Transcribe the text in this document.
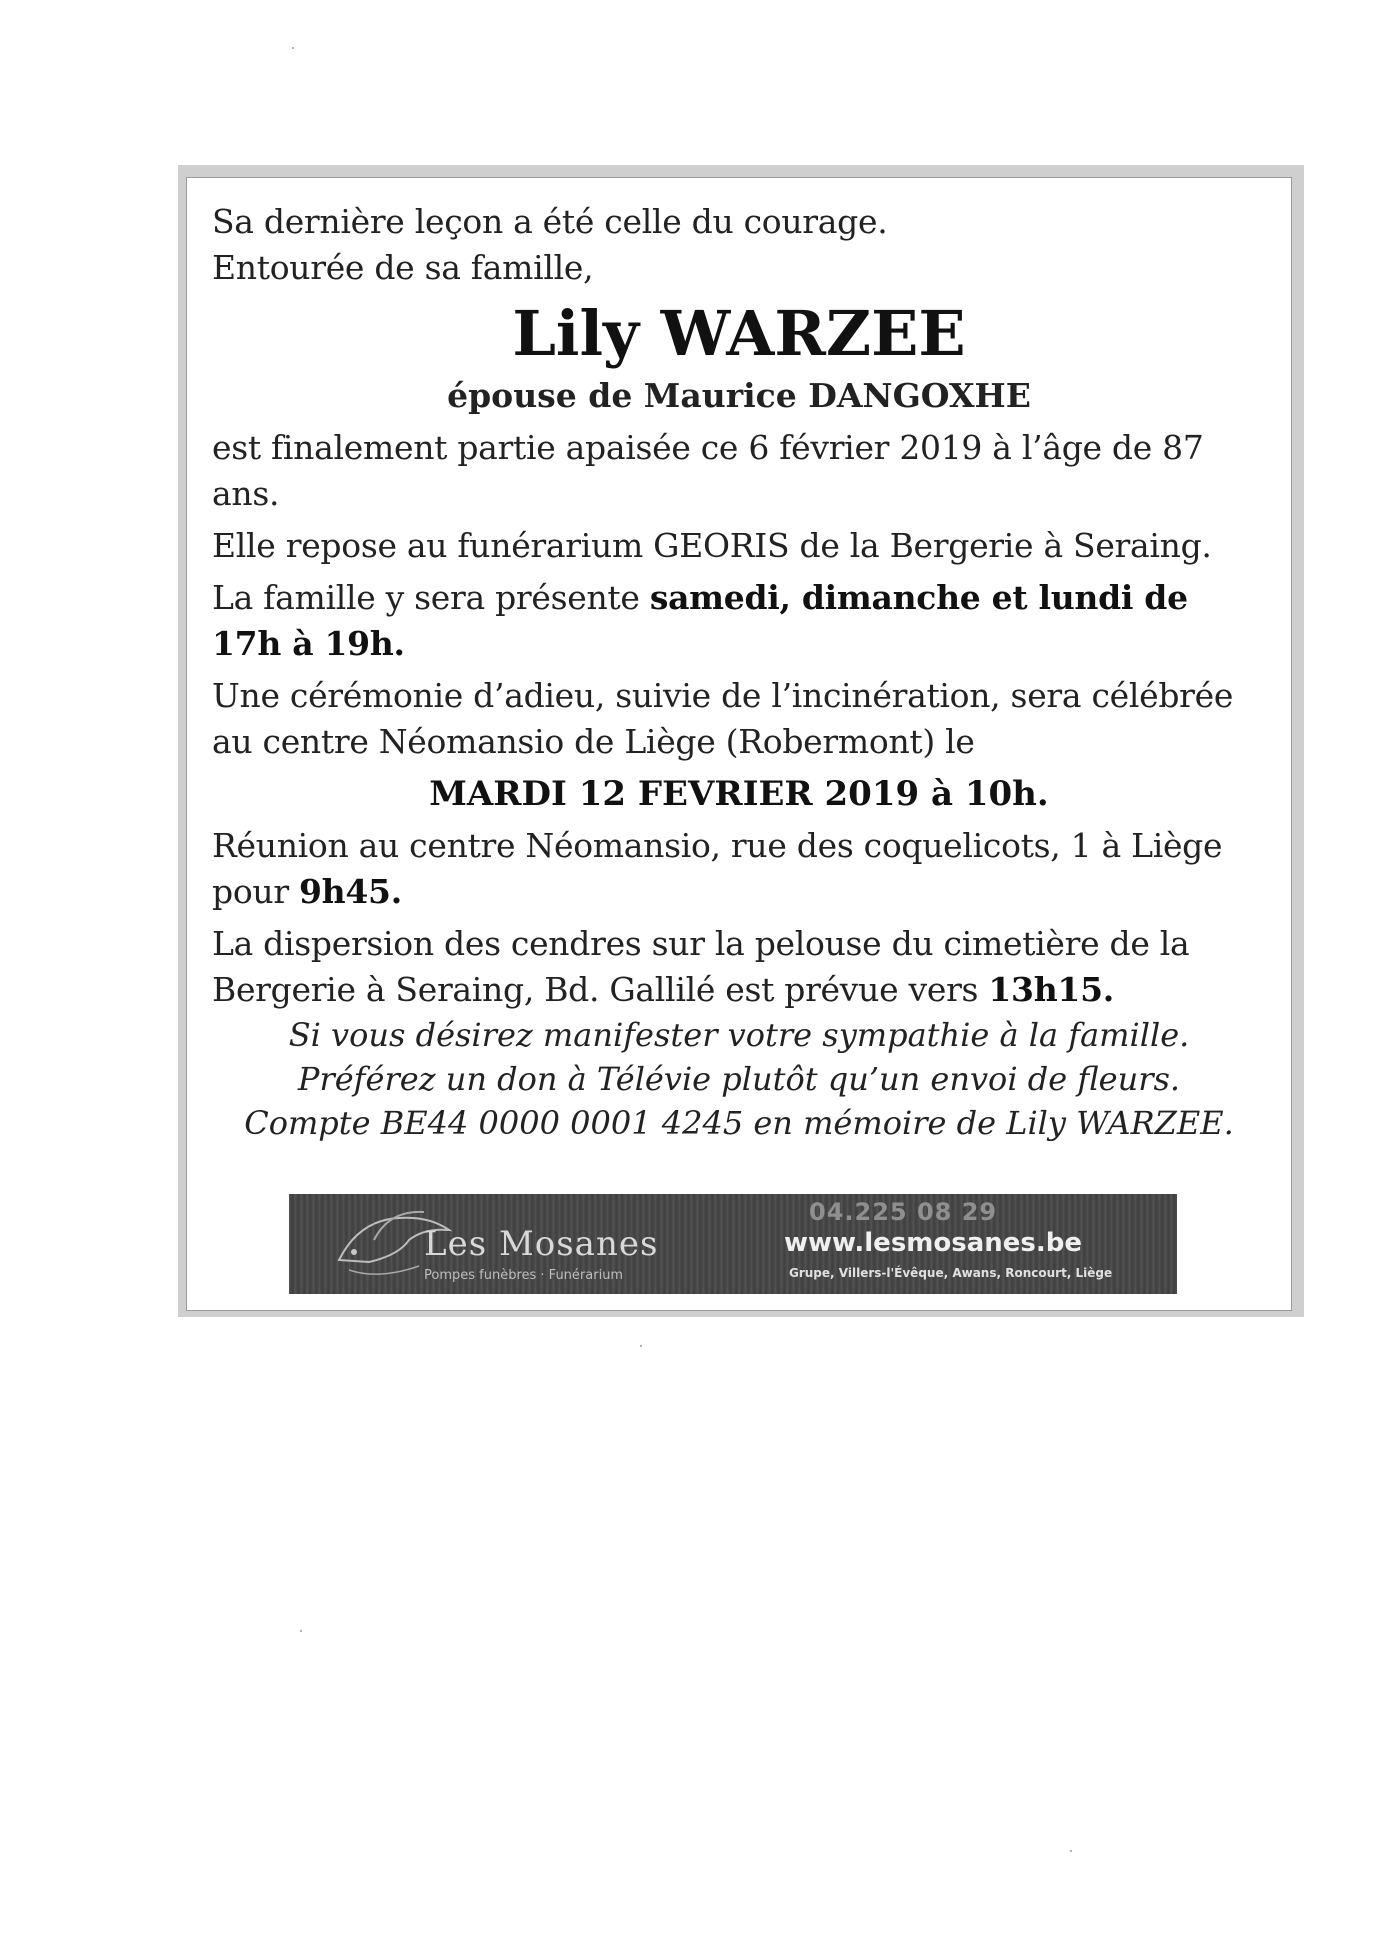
Sa dernière leçon a été celle du courage.

Entourée de sa famille,

Lily WARZEE

épouse de Maurice DANGOXHE

est finalement partie apaisée ce 6 février 2019 à l’âge de 87

ans.

Elle repose au funérarium GEORIS de la Bergerie à Seraing.

La famille y sera présente samedi, dimanche et lundi de

17h à 19h.

Une cérémonie d’adieu, suivie de l’incinération, sera célébrée

au centre Néomansio de Liège (Robermont) le

MARDI 12 FEVRIER 2019 à 10h.

Réunion au centre Néomansio, rue des coquelicots, 1 à Liège

pour 9h45.

La dispersion des cendres sur la pelouse du cimetière de la

Bergerie à Seraing, Bd. Gallilé est prévue vers 13h15.

Si vous désirez manifester votre sympathie à la famille.

Préférez un don à Télévie plutôt qu’un envoi de fleurs.

Compte BE44 0000 0001 4245 en mémoire de Lily WARZEE.

Les Mosanes
Pompes funèbres · Funérarium
04.225 08 29
www.lesmosanes.be
Grupe, Villers-l'Évêque, Awans, Roncourt, Liège
